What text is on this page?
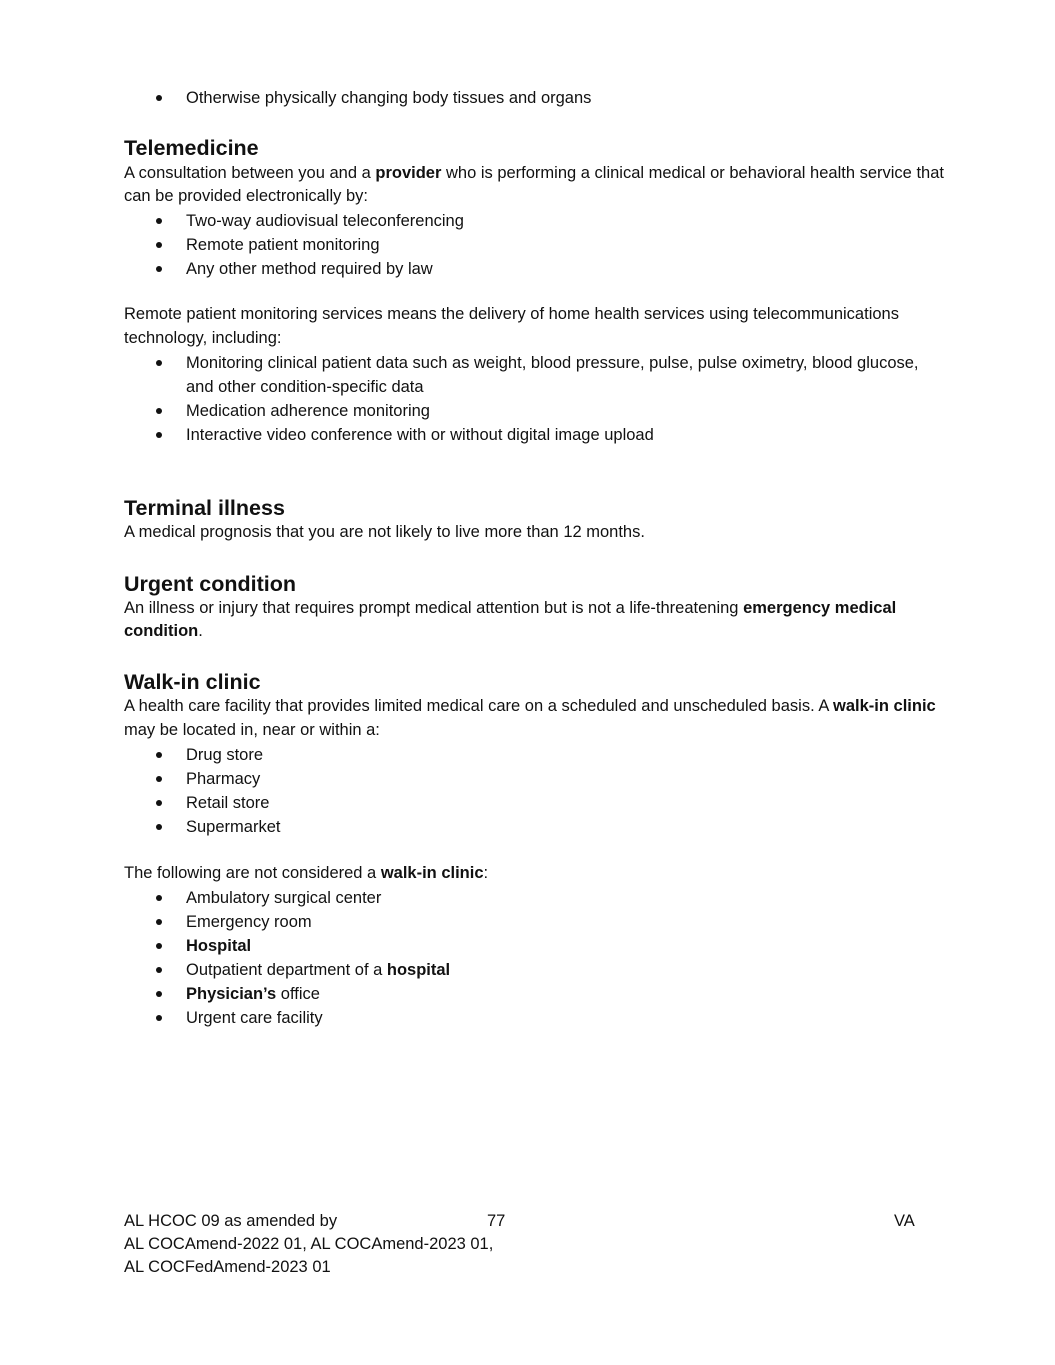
Otherwise physically changing body tissues and organs
Telemedicine
A consultation between you and a provider who is performing a clinical medical or behavioral health service that
can be provided electronically by:
Two-way audiovisual teleconferencing
Remote patient monitoring
Any other method required by law
Remote patient monitoring services means the delivery of home health services using telecommunications
technology, including:
Monitoring clinical patient data such as weight, blood pressure, pulse, pulse oximetry, blood glucose,
and other condition-specific data
Medication adherence monitoring
Interactive video conference with or without digital image upload
Terminal illness
A medical prognosis that you are not likely to live more than 12 months.
Urgent condition
An illness or injury that requires prompt medical attention but is not a life-threatening emergency medical
condition.
Walk-in clinic
A health care facility that provides limited medical care on a scheduled and unscheduled basis. A walk-in clinic
may be located in, near or within a:
Drug store
Pharmacy
Retail store
Supermarket
The following are not considered a walk-in clinic:
Ambulatory surgical center
Emergency room
Hospital
Outpatient department of a hospital
Physician’s office
Urgent care facility
AL HCOC 09 as amended by
AL COCAmend-2022 01, AL COCAmend-2023 01,
AL COCFedAmend-2023 01
77	VA
